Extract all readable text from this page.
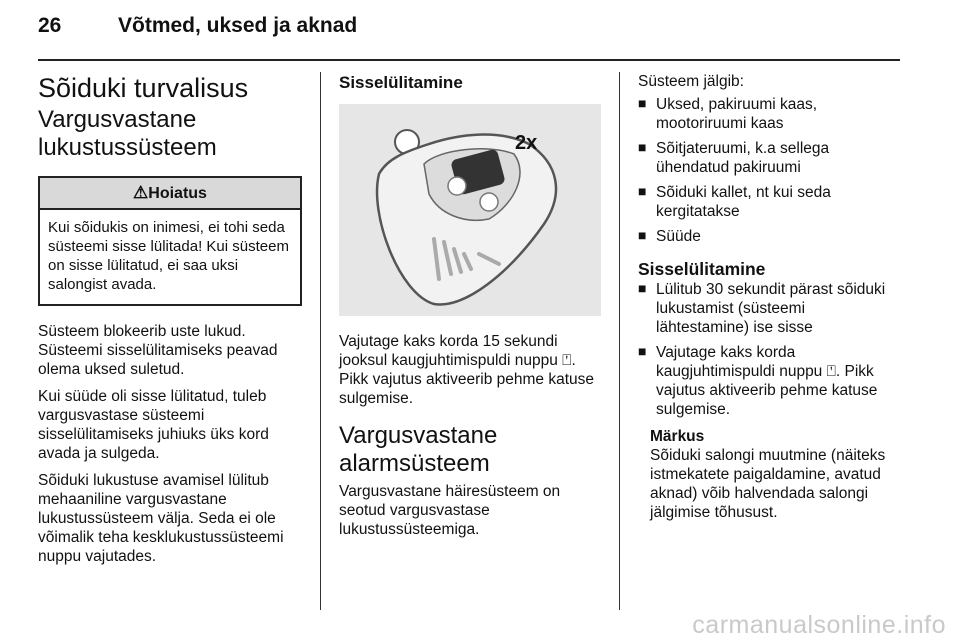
26	Võtmed, uksed ja aknad
Sõiduki turvalisus
Vargusvastane lukustussüsteem
⚠Hoiatus
Kui sõidukis on inimesi, ei tohi seda süsteemi sisse lülitada! Kui süsteem on sisse lülitatud, ei saa uksi salongist avada.

Süsteem blokeerib uste lukud. Süsteemi sisselülitamiseks peavad olema uksed suletud.

Kui süüde oli sisse lülitatud, tuleb vargusvastase süsteemi sisselülitamiseks juhiuks üks kord avada ja sulgeda.

Sõiduki lukustuse avamisel lülitub mehaaniline vargusvastane lukustussüsteem välja. Seda ei ole võimalik teha kesklukustussüsteemi nuppu vajutades.

Sisselülitamine
2x

Vajutage kaks korda 15 sekundi jooksul kaugjuhtimispuldi nuppu ⍞. Pikk vajutus aktiveerib pehme katuse sulgemise.

Vargusvastane alarmsüsteem

Vargusvastane häiresüsteem on seotud vargusvastase lukustussüsteemiga.

Süsteem jälgib:

■ Uksed, pakiruumi kaas, mootoriruumi kaas
■ Sõitjateruumi, k.a sellega ühendatud pakiruumi
■ Sõiduki kallet, nt kui seda kergitatakse
■ Süüde
Sisselülitamine
■ Lülitub 30 sekundit pärast sõiduki lukustamist (süsteemi lähtestamine) ise sisse
■ Vajutage kaks korda kaugjuhtimispuldi nuppu ⍞. Pikk vajutus aktiveerib pehme katuse sulgemise.
Märkus
Sõiduki salongi muutmine (näiteks istmekatete paigaldamine, avatud aknad) võib halvendada salongi jälgimise tõhusust.
carmanualsonline.info
